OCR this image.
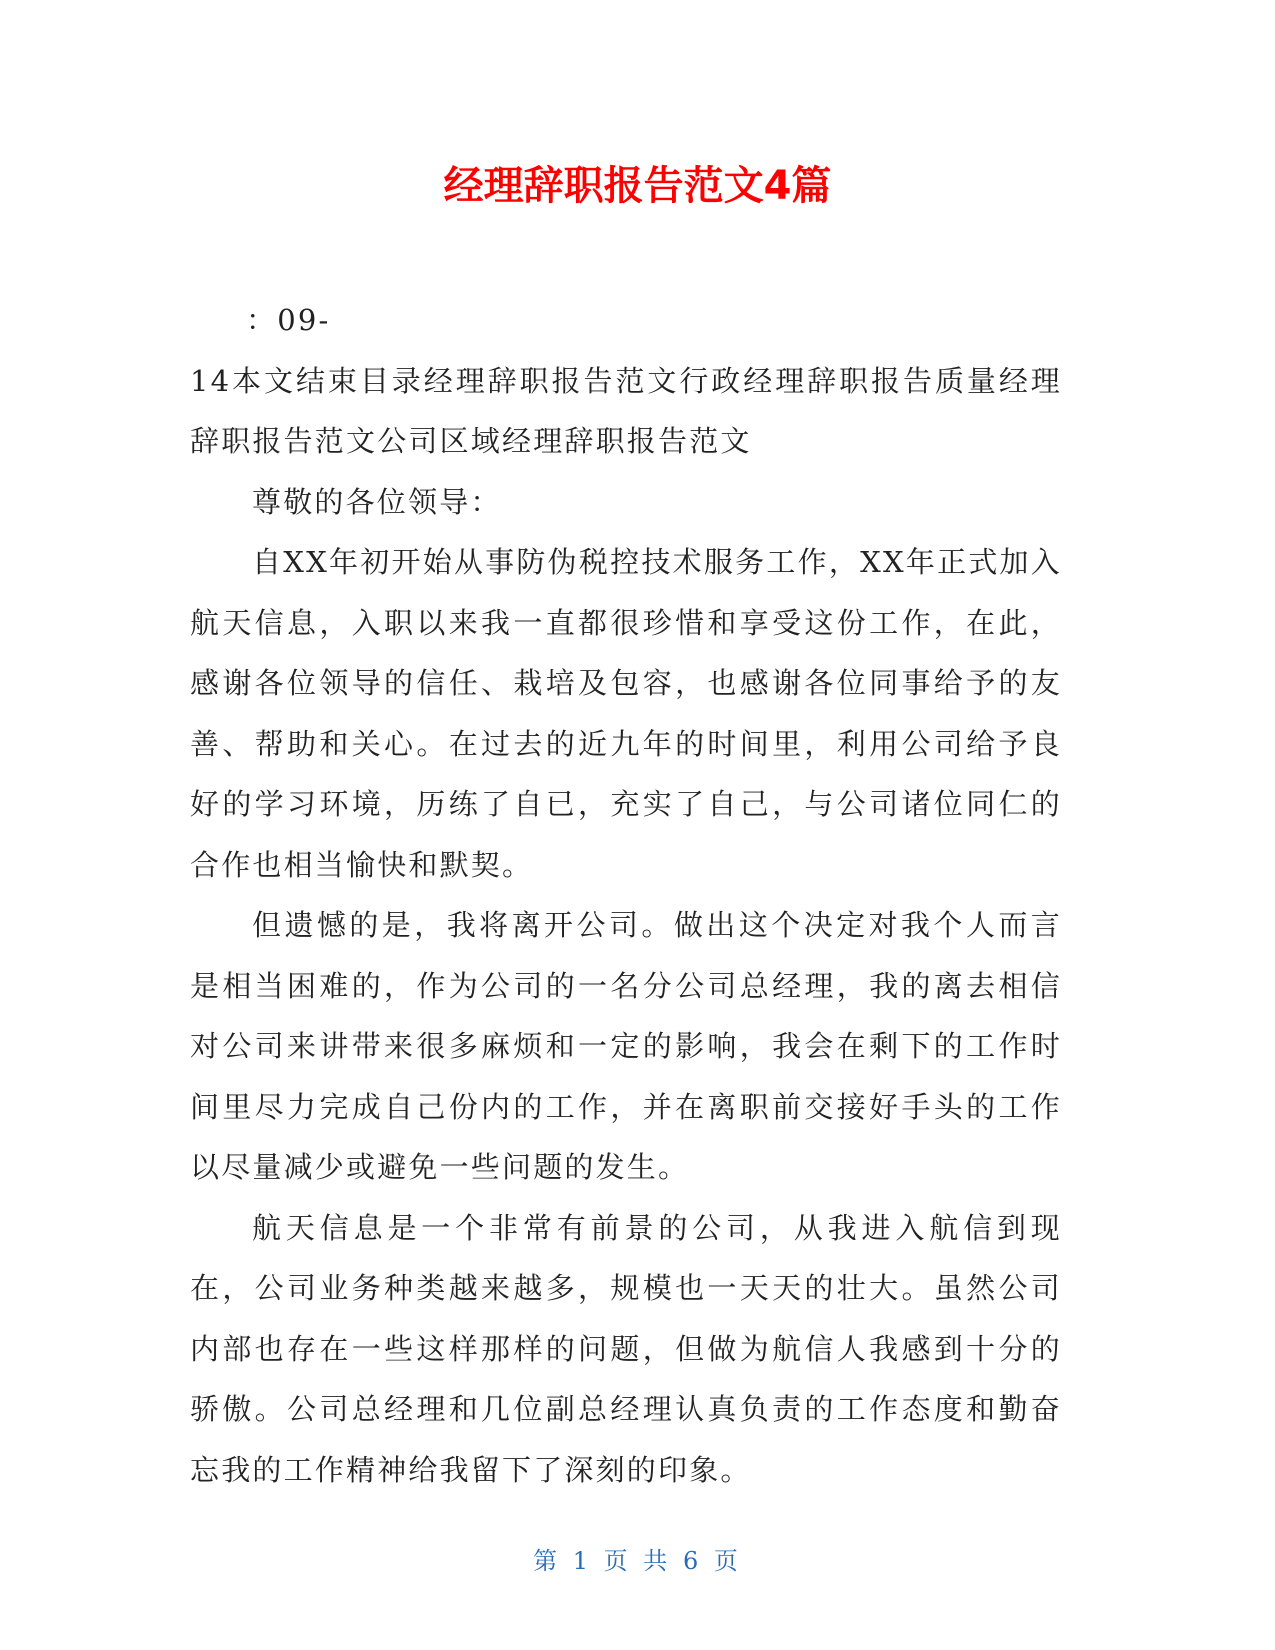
经理辞职报告范文4篇

：09-

14本文结束目录经理辞职报告范文行政经理辞职报告质量经理辞职报告范文公司区域经理辞职报告范文

尊敬的各位领导：

自XX年初开始从事防伪税控技术服务工作，XX年正式加入航天信息，入职以来我一直都很珍惜和享受这份工作，在此，感谢各位领导的信任、栽培及包容，也感谢各位同事给予的友善、帮助和关心。在过去的近九年的时间里，利用公司给予良好的学习环境，历练了自已，充实了自己，与公司诸位同仁的合作也相当愉快和默契。

但遗憾的是，我将离开公司。做出这个决定对我个人而言是相当困难的，作为公司的一名分公司总经理，我的离去相信对公司来讲带来很多麻烦和一定的影响，我会在剩下的工作时间里尽力完成自己份内的工作，并在离职前交接好手头的工作以尽量减少或避免一些问题的发生。

航天信息是一个非常有前景的公司，从我进入航信到现在，公司业务种类越来越多，规模也一天天的壮大。虽然公司内部也存在一些这样那样的问题，但做为航信人我感到十分的骄傲。公司总经理和几位副总经理认真负责的工作态度和勤奋忘我的工作精神给我留下了深刻的印象。

第 1 页 共 6 页
